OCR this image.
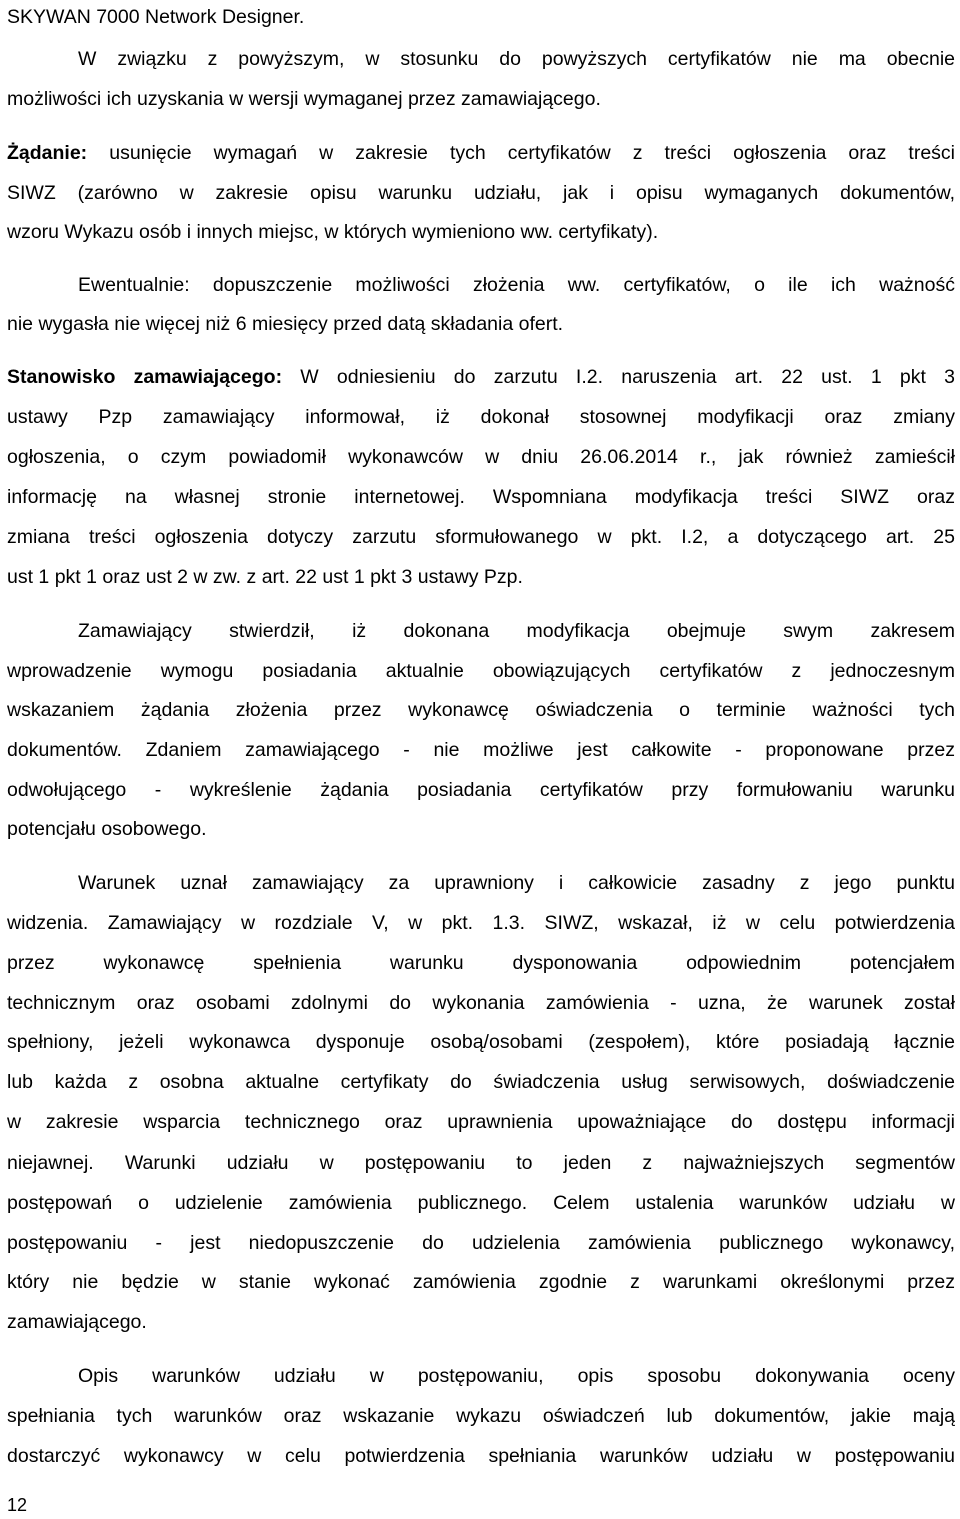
SKYWAN 7000 Network Designer.
W związku z powyższym, w stosunku do powyższych certyfikatów nie ma obecnie
możliwości ich uzyskania w wersji wymaganej przez zamawiającego.
Żądanie: usunięcie wymagań w zakresie tych certyfikatów z treści ogłoszenia oraz treści
SIWZ (zarówno w zakresie opisu warunku udziału, jak i opisu wymaganych dokumentów,
wzoru Wykazu osób i innych miejsc, w których wymieniono ww. certyfikaty).
Ewentualnie: dopuszczenie możliwości złożenia ww. certyfikatów, o ile ich ważność
nie wygasła nie więcej niż 6 miesięcy przed datą składania ofert.
Stanowisko zamawiającego: W odniesieniu do zarzutu I.2. naruszenia art. 22 ust. 1 pkt 3
ustawy Pzp zamawiający informował, iż dokonał stosownej modyfikacji oraz zmiany
ogłoszenia, o czym powiadomił wykonawców w dniu 26.06.2014 r., jak również zamieścił
informację na własnej stronie internetowej. Wspomniana modyfikacja treści SIWZ oraz
zmiana treści ogłoszenia dotyczy zarzutu sformułowanego w pkt. I.2, a dotyczącego art. 25
ust 1 pkt 1 oraz ust 2 w zw. z art. 22 ust 1 pkt 3 ustawy Pzp.
Zamawiający stwierdził, iż dokonana modyfikacja obejmuje swym zakresem
wprowadzenie wymogu posiadania aktualnie obowiązujących certyfikatów z jednoczesnym
wskazaniem żądania złożenia przez wykonawcę oświadczenia o terminie ważności tych
dokumentów. Zdaniem zamawiającego - nie możliwe jest całkowite - proponowane przez
odwołującego - wykreślenie żądania posiadania certyfikatów przy formułowaniu warunku
potencjału osobowego.
Warunek uznał zamawiający za uprawniony i całkowicie zasadny z jego punktu
widzenia. Zamawiający w rozdziale V, w pkt. 1.3. SIWZ, wskazał, iż w celu potwierdzenia
przez wykonawcę spełnienia warunku dysponowania odpowiednim potencjałem
technicznym oraz osobami zdolnymi do wykonania zamówienia - uzna, że warunek został
spełniony, jeżeli wykonawca dysponuje osobą/osobami (zespołem), które posiadają łącznie
lub każda z osobna aktualne certyfikaty do świadczenia usług serwisowych, doświadczenie
w zakresie wsparcia technicznego oraz uprawnienia upoważniające do dostępu informacji
niejawnej. Warunki udziału w postępowaniu to jeden z najważniejszych segmentów
postępowań o udzielenie zamówienia publicznego. Celem ustalenia warunków udziału w
postępowaniu - jest niedopuszczenie do udzielenia zamówienia publicznego wykonawcy,
który nie będzie w stanie wykonać zamówienia zgodnie z warunkami określonymi przez
zamawiającego.
Opis warunków udziału w postępowaniu, opis sposobu dokonywania oceny
spełniania tych warunków oraz wskazanie wykazu oświadczeń lub dokumentów, jakie mają
dostarczyć wykonawcy w celu potwierdzenia spełniania warunków udziału w postępowaniu
12
